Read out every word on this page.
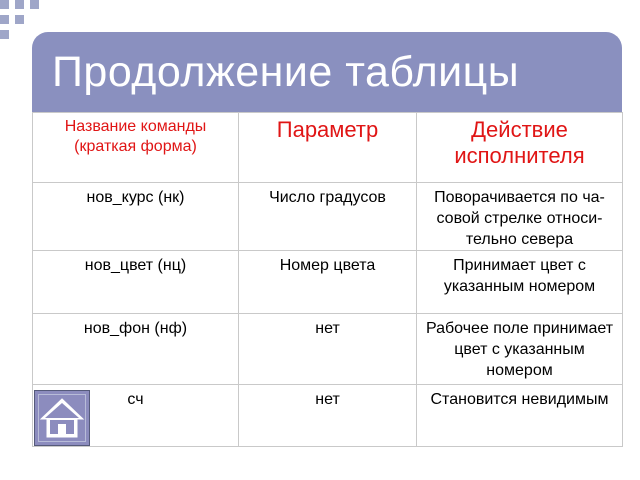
Продолжение таблицы
Название команды (краткая форма)	Параметр	Действие исполнителя
нов_курс (нк)	Число градусов	Поворачивается по ча-совой стрелке относи-тельно севера
нов_цвет (нц)	Номер цвета	Принимает цвет с указанным номером
нов_фон (нф)	нет	Рабочее поле принимает цвет с указанным номером
сч	нет	Становится невидимым
